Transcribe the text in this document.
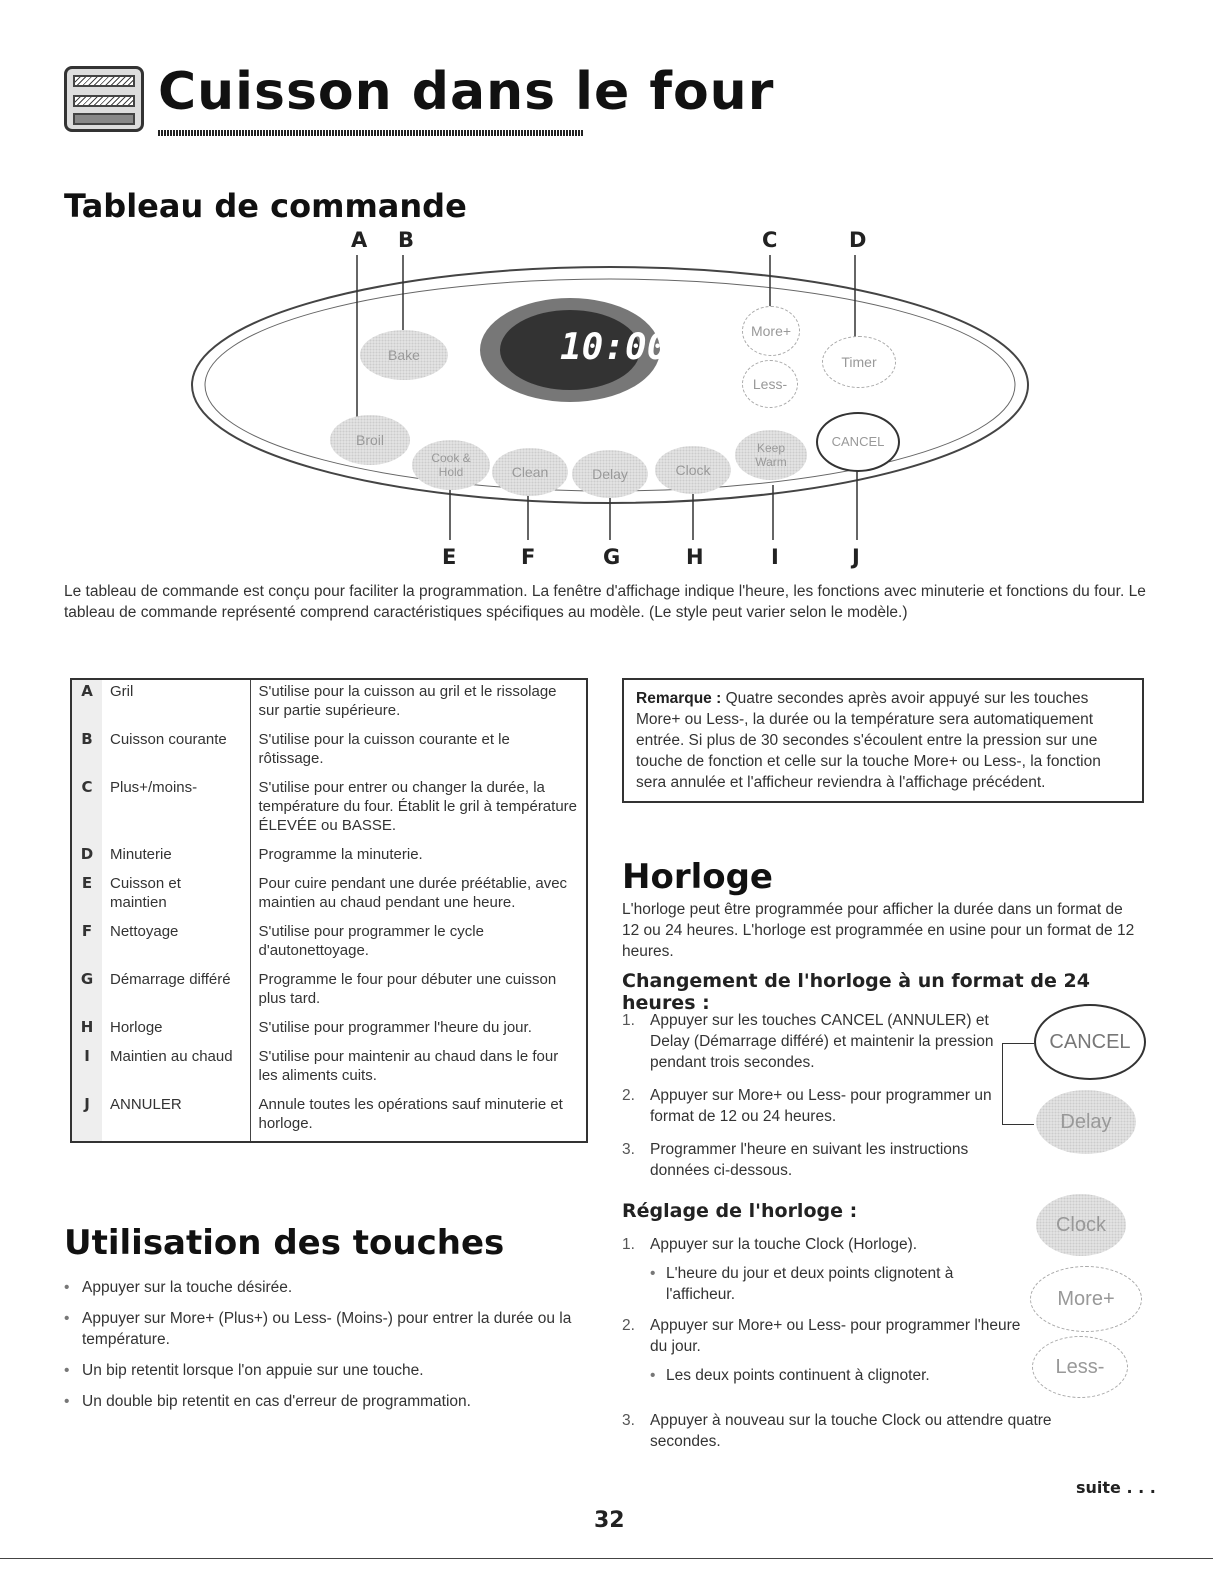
Cuisson dans le four
Tableau de commande
A B	C	D
10:00
Bake
Broil
Cook & Hold	Clean	Delay	Clock
Keep Warm
More+
Less-
Timer
CANCEL
E	F	G	H	I	J

Le tableau de commande est conçu pour faciliter la programmation. La fenêtre d'affichage indique l'heure, les fonctions avec minuterie et fonctions du four. Le tableau de commande représenté comprend caractéristiques spécifiques au modèle. (Le style peut varier selon le modèle.)

A	Gril	S'utilise pour la cuisson au gril et le rissolage sur partie supérieure.
B	Cuisson courante	S'utilise pour la cuisson courante et le rôtissage.
C	Plus+/moins-	S'utilise pour entrer ou changer la durée, la température du four. Établit le gril à température ÉLEVÉE ou BASSE.
D	Minuterie	Programme la minuterie.
E	Cuisson et maintien	Pour cuire pendant une durée préétablie, avec maintien au chaud pendant une heure.
F	Nettoyage	S'utilise pour programmer le cycle d'autonettoyage.
G	Démarrage différé	Programme le four pour débuter une cuisson plus tard.
H	Horloge	S'utilise pour programmer l'heure du jour.
I	Maintien au chaud	S'utilise pour maintenir au chaud dans le four les aliments cuits.
J	ANNULER	Annule toutes les opérations sauf minuterie et horloge.
Utilisation des touches
• Appuyer sur la touche désirée.
• Appuyer sur More+ (Plus+) ou Less- (Moins-) pour entrer la durée ou la température.
• Un bip retentit lorsque l'on appuie sur une touche.
• Un double bip retentit en cas d'erreur de programmation.
Remarque : Quatre secondes après avoir appuyé sur les touches More+ ou Less-, la durée ou la température sera automatiquement entrée. Si plus de 30 secondes s'écoulent entre la pression sur une touche de fonction et celle sur la touche More+ ou Less-, la fonction sera annulée et l'afficheur reviendra à l'affichage précédent.
Horloge

L'horloge peut être programmée pour afficher la durée dans un format de 12 ou 24 heures. L'horloge est programmée en usine pour un format de 12 heures.

Changement de l'horloge à un format de 24 heures :
1. Appuyer sur les touches CANCEL (ANNULER) et Delay (Démarrage différé) et maintenir la pression pendant trois secondes.
2. Appuyer sur More+ ou Less- pour programmer un format de 12 ou 24 heures.
3. Programmer l'heure en suivant les instructions données ci-dessous.
CANCEL
Delay
Réglage de l'horloge :
1. Appuyer sur la touche Clock (Horloge).
• L'heure du jour et deux points clignotent à l'afficheur.
2. Appuyer sur More+ ou Less- pour programmer l'heure du jour.
• Les deux points continuent à clignoter.
3. Appuyer à nouveau sur la touche Clock ou attendre quatre secondes.
Clock
More+
Less-
suite . . .
32
